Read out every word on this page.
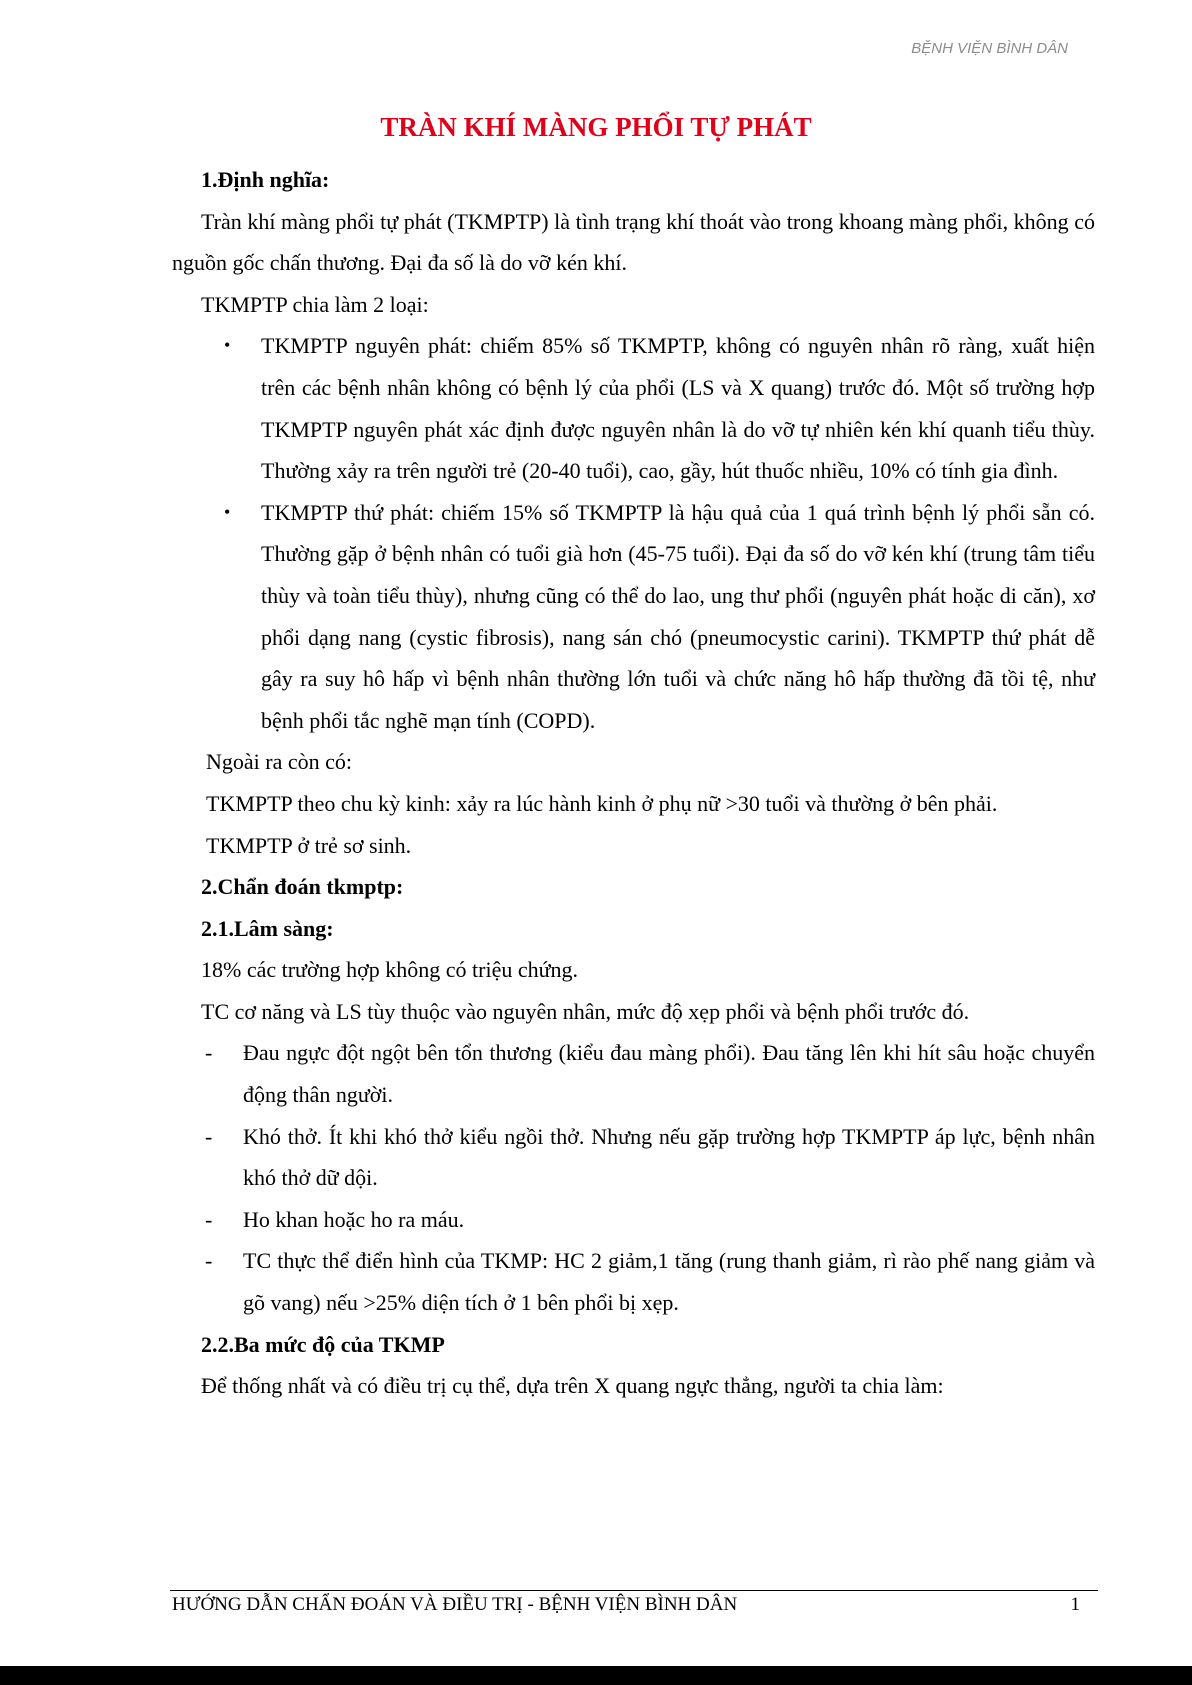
BỆNH VIỆN BÌNH DÂN
TRÀN KHÍ MÀNG PHỔI TỰ PHÁT

1.Định nghĩa:

Tràn khí màng phổi tự phát (TKMPTP) là tình trạng khí thoát vào trong khoang màng phổi, không có nguồn gốc chấn thương. Đại đa số là do vỡ kén khí.

TKMPTP chia làm 2 loại:

• TKMPTP nguyên phát: chiếm 85% số TKMPTP, không có nguyên nhân rõ ràng, xuất hiện trên các bệnh nhân không có bệnh lý của phổi (LS và X quang) trước đó. Một số trường hợp TKMPTP nguyên phát xác định được nguyên nhân là do vỡ tự nhiên kén khí quanh tiểu thùy. Thường xảy ra trên người trẻ (20-40 tuổi), cao, gầy, hút thuốc nhiều, 10% có tính gia đình.
• TKMPTP thứ phát: chiếm 15% số TKMPTP là hậu quả của 1 quá trình bệnh lý phổi sẵn có. Thường gặp ở bệnh nhân có tuổi già hơn (45-75 tuổi). Đại đa số do vỡ kén khí (trung tâm tiểu thùy và toàn tiểu thùy), nhưng cũng có thể do lao, ung thư phổi (nguyên phát hoặc di căn), xơ phổi dạng nang (cystic fibrosis), nang sán chó (pneumocystic carini). TKMPTP thứ phát dễ gây ra suy hô hấp vì bệnh nhân thường lớn tuổi và chức năng hô hấp thường đã tồi tệ, như bệnh phổi tắc nghẽ mạn tính (COPD).

Ngoài ra còn có:

TKMPTP theo chu kỳ kinh: xảy ra lúc hành kinh ở phụ nữ >30 tuổi và thường ở bên phải.

TKMPTP ở trẻ sơ sinh.

2.Chẩn đoán tkmptp:

2.1.Lâm sàng:

18% các trường hợp không có triệu chứng.

TC cơ năng và LS tùy thuộc vào nguyên nhân, mức độ xẹp phổi và bệnh phổi trước đó.

- Đau ngực đột ngột bên tổn thương (kiểu đau màng phổi). Đau tăng lên khi hít sâu hoặc chuyển động thân người.
- Khó thở. Ít khi khó thở kiểu ngồi thở. Nhưng nếu gặp trường hợp TKMPTP áp lực, bệnh nhân khó thở dữ dội.
- Ho khan hoặc ho ra máu.
- TC thực thể điển hình của TKMP: HC 2 giảm,1 tăng (rung thanh giảm, rì rào phế nang giảm và gõ vang) nếu >25% diện tích ở 1 bên phổi bị xẹp.

2.2.Ba mức độ của TKMP

Để thống nhất và có điều trị cụ thể, dựa trên X quang ngực thẳng, người ta chia làm:

HƯỚNG DẪN CHẨN ĐOÁN VÀ ĐIỀU TRỊ - BỆNH VIỆN BÌNH DÂN	1
